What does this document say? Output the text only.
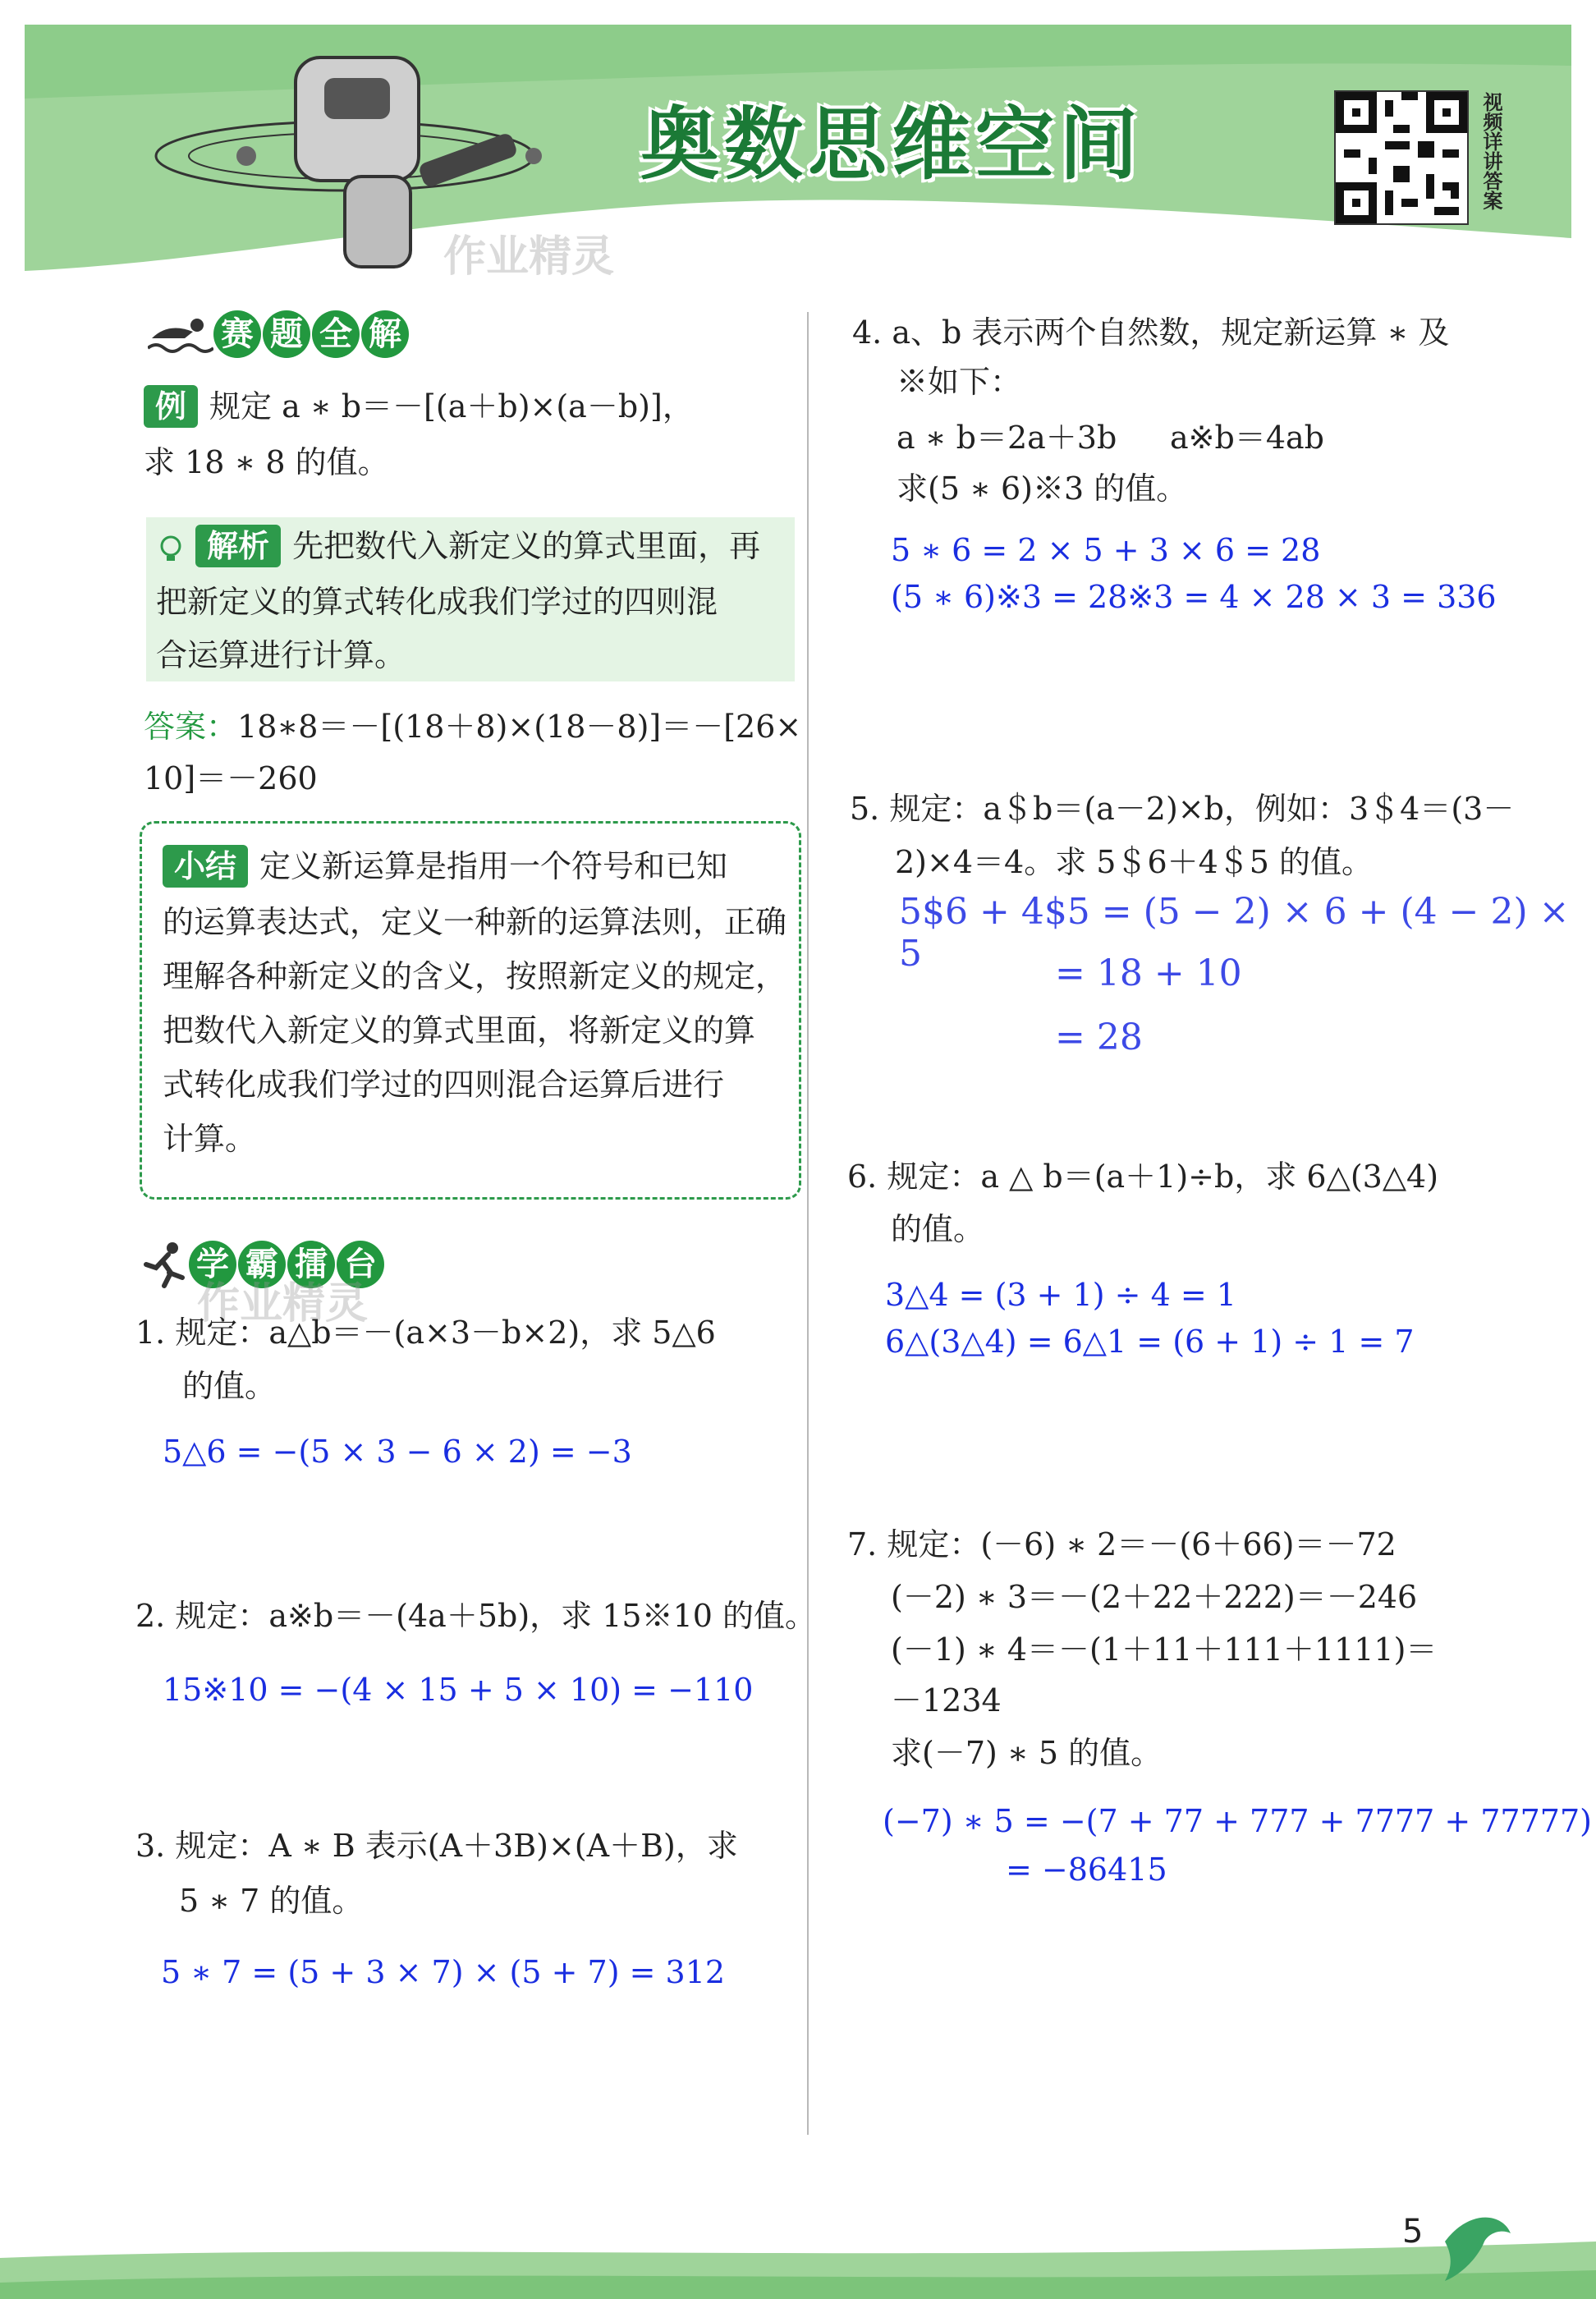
奥数思维空间	视频详讲答案
作业精灵
赛 题 全 解
例 规定 a ∗ b＝－[(a＋b)×(a－b)]，
求 18 ∗ 8 的值。
解析 先把数代入新定义的算式里面，再
把新定义的算式转化成我们学过的四则混
合运算进行计算。
答案：18∗8＝－[(18＋8)×(18－8)]＝－[26×
10]＝－260
小结 定义新运算是指用一个符号和已知
的运算表达式，定义一种新的运算法则，正确
理解各种新定义的含义，按照新定义的规定，
把数代入新定义的算式里面，将新定义的算
式转化成我们学过的四则混合运算后进行
计算。
学 霸 擂 台
作业精灵
1. 规定：a△b＝－(a×3－b×2)，求 5△6
的值。
5△6 = −(5 × 3 − 6 × 2) = −3
2. 规定：a※b＝－(4a＋5b)，求 15※10 的值。
15※10 = −(4 × 15 + 5 × 10) = −110
3. 规定：A ∗ B 表示(A＋3B)×(A＋B)，求
5 ∗ 7 的值。
5 ∗ 7 = (5 + 3 × 7) × (5 + 7) = 312
4. a、b 表示两个自然数，规定新运算 ∗ 及
※如下：
a ∗ b＝2a＋3b a※b＝4ab
求(5 ∗ 6)※3 的值。
5 ∗ 6 = 2 × 5 + 3 × 6 = 28
(5 ∗ 6)※3 = 28※3 = 4 × 28 × 3 = 336
5. 规定：a＄b＝(a－2)×b，例如：3＄4＝(3－
2)×4＝4。求 5＄6＋4＄5 的值。
5$6 + 4$5 = (5 − 2) × 6 + (4 − 2) × 5	= 18 + 10
= 28
6. 规定：a △ b＝(a＋1)÷b，求 6△(3△4)
的值。
3△4 = (3 + 1) ÷ 4 = 1
6△(3△4) = 6△1 = (6 + 1) ÷ 1 = 7
7. 规定：(－6) ∗ 2＝－(6＋66)＝－72
(－2) ∗ 3＝－(2＋22＋222)＝－246
(－1) ∗ 4＝－(1＋11＋111＋1111)＝
－1234
求(－7) ∗ 5 的值。
(−7) ∗ 5 = −(7 + 77 + 777 + 7777 + 77777)
= −86415
5
